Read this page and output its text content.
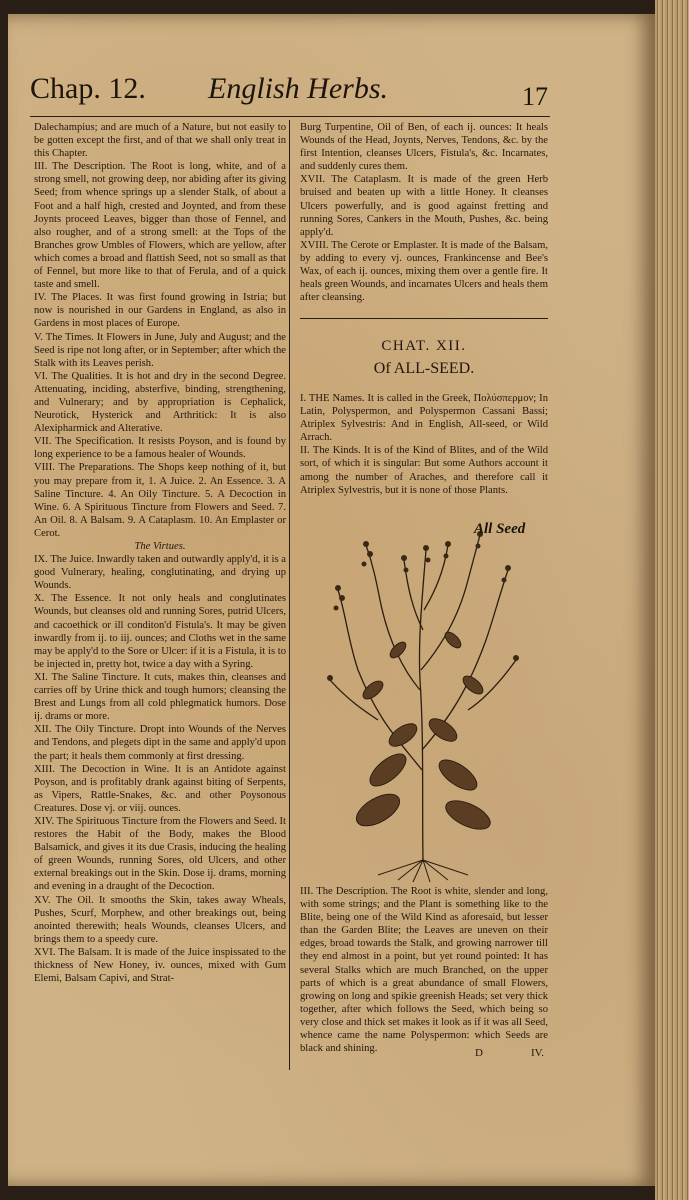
Chap. 12. English Herbs.	17

Dalechampius; and are much of a Nature, but not easily to be gotten except the first, and of that we shall only treat in this Chapter.

III. The Description. The Root is long, white, and of a strong smell, not growing deep, nor abiding after its giving Seed; from whence springs up a slender Stalk, of about a Foot and a half high, crested and Joynted, and from these Joynts proceed Leaves, bigger than those of Fennel, and also rougher, and of a strong smell: at the Tops of the Branches grow Umbles of Flowers, which are yellow, after which comes a broad and flattish Seed, not so small as that of Fennel, but more like to that of Ferula, and of a quick taste and smell.

IV. The Places. It was first found growing in Istria; but now is nourished in our Gardens in England, as also in Gardens in most places of Europe.

V. The Times. It Flowers in June, July and August; and the Seed is ripe not long after, or in September; after which the Stalk with its Leaves perish.

VI. The Qualities. It is hot and dry in the second Degree. Attenuating, inciding, absterfive, binding, strengthening, and Vulnerary; and by appropriation is Cephalick, Neurotick, Hysterick and Arthritick: It is also Alexipharmick and Alterative.

VII. The Specification. It resists Poyson, and is found by long experience to be a famous healer of Wounds.

VIII. The Preparations. The Shops keep nothing of it, but you may prepare from it, 1. A Juice. 2. An Essence. 3. A Saline Tincture. 4. An Oily Tincture. 5. A Decoction in Wine. 6. A Spirituous Tincture from Flowers and Seed. 7. An Oil. 8. A Balsam. 9. A Cataplasm. 10. An Emplaster or Cerot.

The Virtues.

IX. The Juice. Inwardly taken and outwardly apply'd, it is a good Vulnerary, healing, conglutinating, and drying up Wounds.

X. The Essence. It not only heals and conglutinates Wounds, but cleanses old and running Sores, putrid Ulcers, and cacoethick or ill conditon'd Fistula's. It may be given inwardly from ij. to iij. ounces; and Cloths wet in the same may be apply'd to the Sore or Ulcer: if it is a Fistula, it is to be injected in, pretty hot, twice a day with a Syring.

XI. The Saline Tincture. It cuts, makes thin, cleanses and carries off by Urine thick and tough humors; cleansing the Brest and Lungs from all cold phlegmatick humors. Dose ij. drams or more.

XII. The Oily Tincture. Dropt into Wounds of the Nerves and Tendons, and plegets dipt in the same and apply'd upon the part; it heals them commonly at first dressing.

XIII. The Decoction in Wine. It is an Antidote against Poyson, and is profitably drank against biting of Serpents, as Vipers, Rattle-Snakes, &c. and other Poysonous Creatures. Dose vj. or viij. ounces.

XIV. The Spirituous Tincture from the Flowers and Seed. It restores the Habit of the Body, makes the Blood Balsamick, and gives it its due Crasis, inducing the healing of green Wounds, running Sores, old Ulcers, and other external breakings out in the Skin. Dose ij. drams, morning and evening in a draught of the Decoction.

XV. The Oil. It smooths the Skin, takes away Wheals, Pushes, Scurf, Morphew, and other breakings out, being anointed therewith; heals Wounds, cleanses Ulcers, and brings them to a speedy cure.

XVI. The Balsam. It is made of the Juice inspissated to the thickness of New Honey, iv. ounces, mixed with Gum Elemi, Balsam Capivi, and Strat-

Burg Turpentine, Oil of Ben, of each ij. ounces: It heals Wounds of the Head, Joynts, Nerves, Tendons, &c. by the first Intention, cleanses Ulcers, Fistula's, &c. Incarnates, and suddenly cures them.

XVII. The Cataplasm. It is made of the green Herb bruised and beaten up with a little Honey. It cleanses Ulcers powerfully, and is good against fretting and running Sores, Cankers in the Mouth, Pushes, &c. being apply'd.

XVIII. The Cerote or Emplaster. It is made of the Balsam, by adding to every vj. ounces, Frankincense and Bee's Wax, of each ij. ounces, mixing them over a gentle fire. It heals green Wounds, and incarnates Ulcers and heals them after cleansing.

CHAT. XII.
Of ALL-SEED.

I. THE Names. It is called in the Greek, Πολύσπερμον; In Latin, Polyspermon, and Polyspermon Cassani Bassi; Atriplex Sylvestris: And in English, All-seed, or Wild Arrach.

II. The Kinds. It is of the Kind of Blites, and of the Wild sort, of which it is singular: But some Authors account it among the number of Araches, and therefore call it Atriplex Sylvestris, but it is none of those Plants.

All Seed

III. The Description. The Root is white, slender and long, with some strings; and the Plant is something like to the Blite, being one of the Wild Kind as aforesaid, but lesser than the Garden Blite; the Leaves are uneven on their edges, broad towards the Stalk, and growing narrower till they end almost in a point, but yet round pointed: It has several Stalks which are much Branched, on the upper parts of which is a great abundance of small Flowers, growing on long and spikie greenish Heads; set very thick together, after which follows the Seed, which being so very close and thick set makes it look as if it was all Seed, whence came the name Polyspermon: which Seeds are black and shining.	D	IV.
